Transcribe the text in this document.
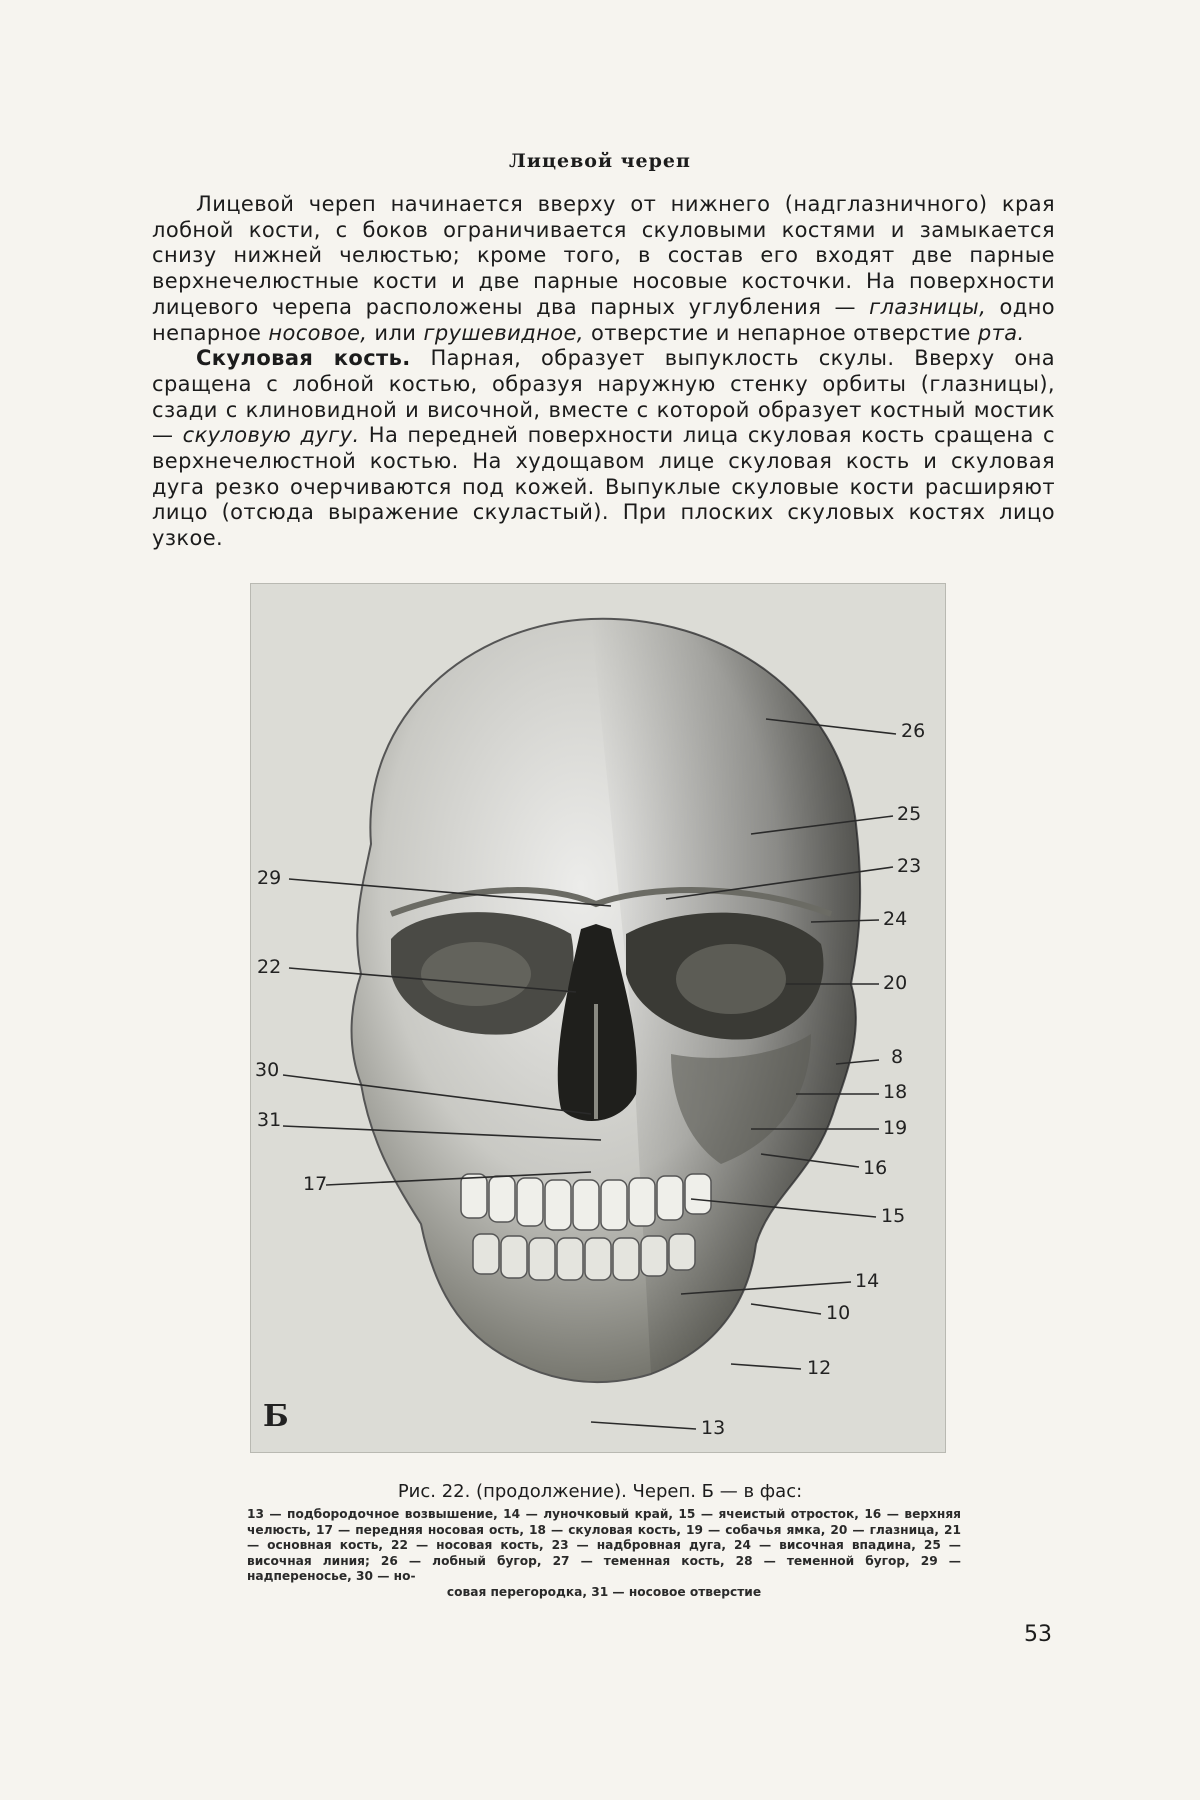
Лицевой череп

Лицевой череп начинается вверху от нижнего (надглазничного) края лобной кости, с боков ограничивается скуловыми костями и замыкается снизу нижней челюстью; кроме того, в состав его входят две парные верхнечелюстные кости и две парные носовые косточки. На поверхности лицевого черепа расположены два парных углубления — глазницы, одно непарное носовое, или грушевидное, отверстие и непарное отверстие рта.

Скуловая кость. Парная, образует выпуклость скулы. Вверху она сращена с лобной костью, образуя наружную стенку орбиты (глазницы), сзади с клиновидной и височной, вместе с которой образует костный мостик — скуловую дугу. На передней поверхности лица скуловая кость сращена с верхнечелюстной костью. На худощавом лице скуловая кость и скуловая дуга резко очерчиваются под кожей. Выпуклые скуловые кости расширяют лицо (отсюда выражение скуластый). При плоских скуловых костях лицо узкое.

26
25
23
24
20
8
18
19
16
15
14
10
12
13
29
22
30
31
17
Б
Рис. 22. (продолжение). Череп. Б — в фас:
13 — подбородочное возвышение, 14 — луночковый край, 15 — ячеистый отросток, 16 — верхняя челюсть, 17 — передняя носовая ость, 18 — скуловая кость, 19 — собачья ямка, 20 — глазница, 21 — основная кость, 22 — носовая кость, 23 — надбровная дуга, 24 — височная впадина, 25 — височная линия; 26 — лобный бугор, 27 — теменная кость, 28 — теменной бугор, 29 — надпереносье, 30 — но-
совая перегородка, 31 — носовое отверстие
53
